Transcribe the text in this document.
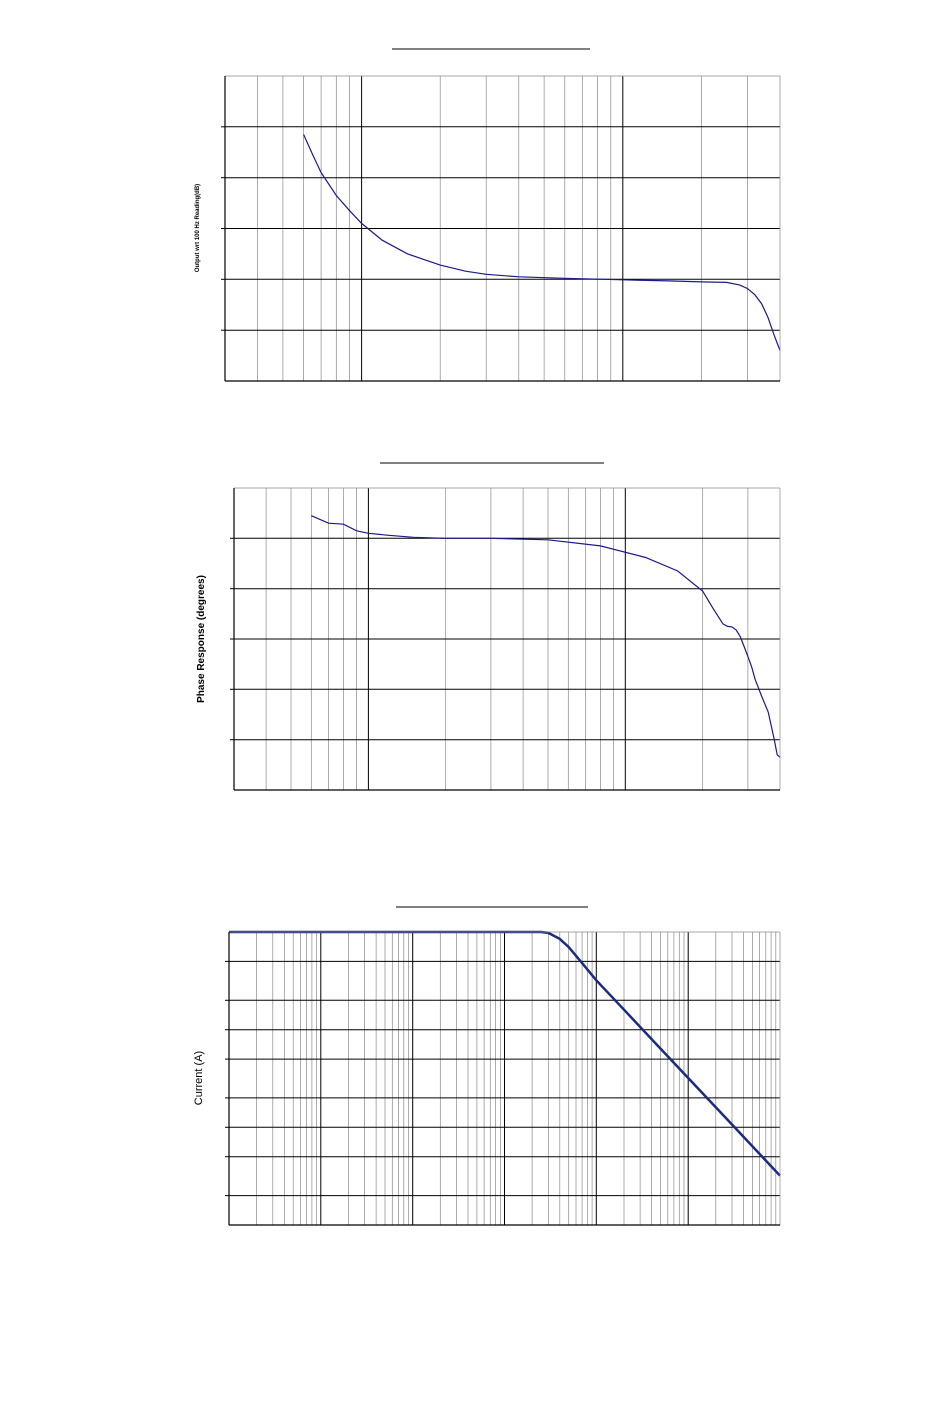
Output wrt 100 Hz Reading(dB)
Phase Response (degrees)
Current (A)
